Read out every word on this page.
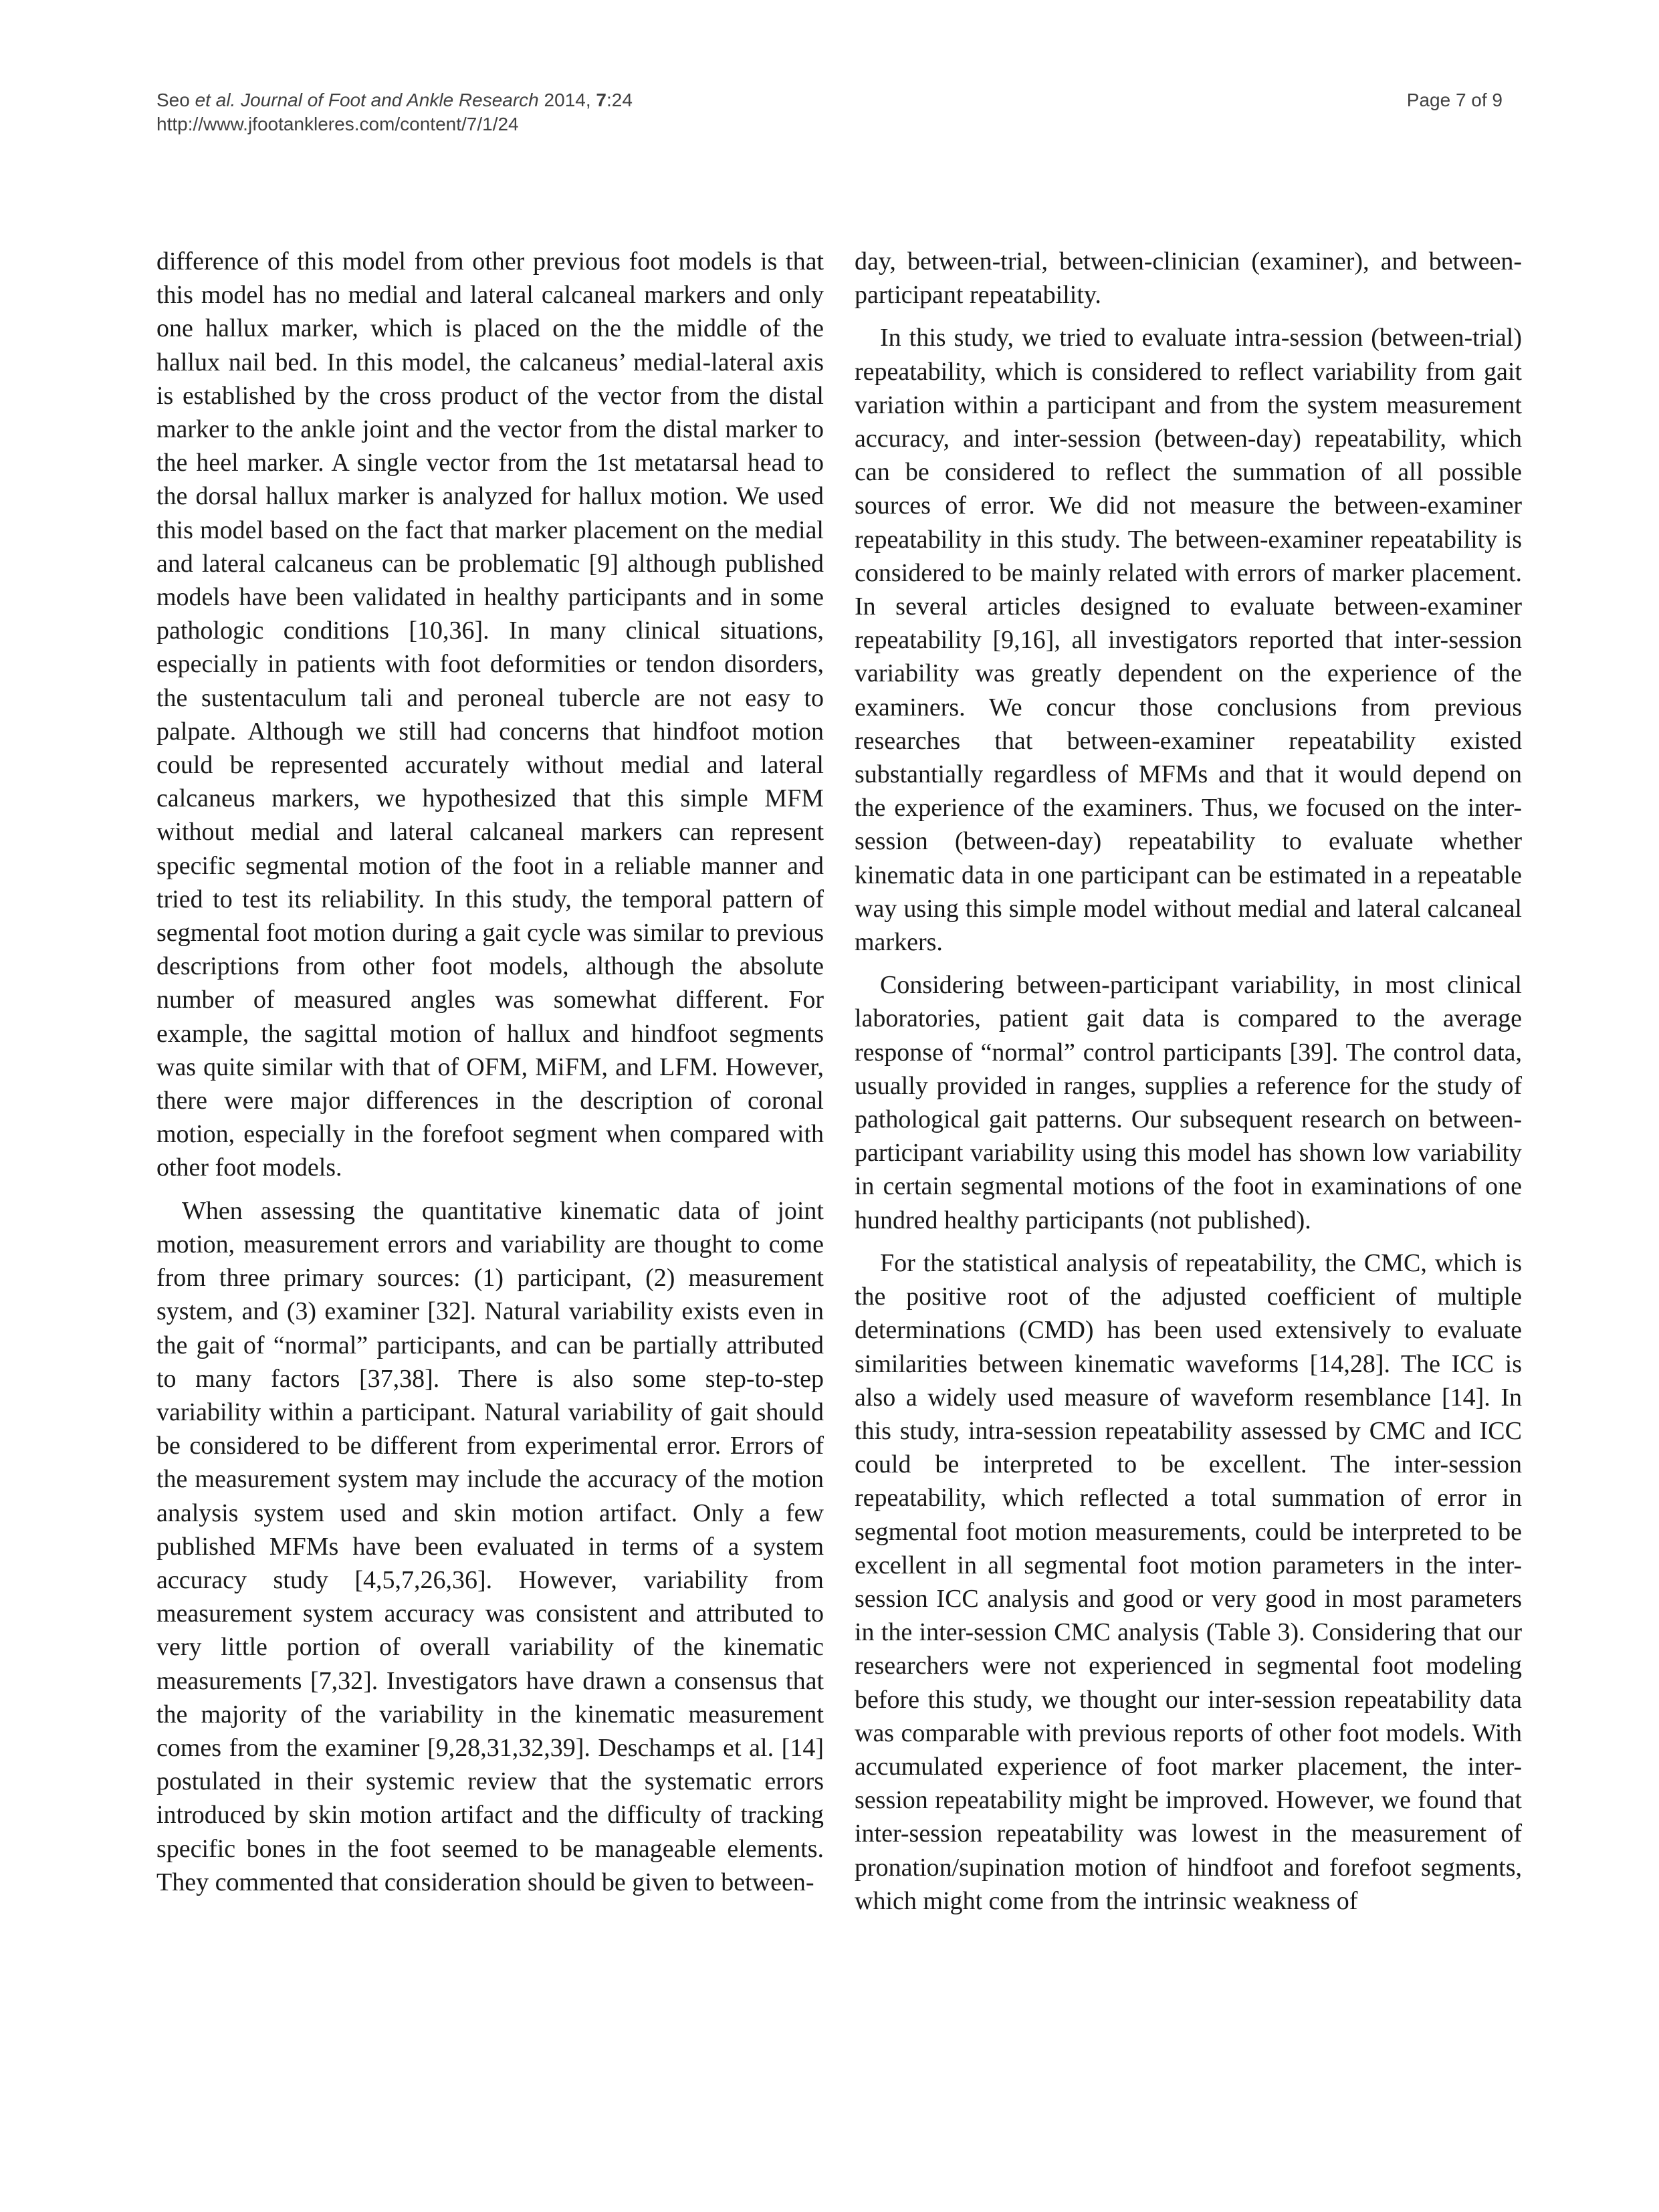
Seo et al. Journal of Foot and Ankle Research 2014, 7:24
http://www.jfootankleres.com/content/7/1/24
Page 7 of 9

difference of this model from other previous foot models is that this model has no medial and lateral calcaneal markers and only one hallux marker, which is placed on the the middle of the hallux nail bed. In this model, the calcaneus’ medial-lateral axis is established by the cross product of the vector from the distal marker to the ankle joint and the vector from the distal marker to the heel marker. A single vector from the 1st metatarsal head to the dorsal hallux marker is analyzed for hallux motion. We used this model based on the fact that marker placement on the medial and lateral calcaneus can be problematic [9] although published models have been validated in healthy participants and in some pathologic conditions [10,36]. In many clinical situations, especially in patients with foot deformities or tendon disorders, the sustentaculum tali and peroneal tubercle are not easy to palpate. Although we still had concerns that hindfoot motion could be represented accurately without medial and lateral calcaneus markers, we hypothesized that this simple MFM without medial and lateral calcaneal markers can represent specific segmental motion of the foot in a reliable manner and tried to test its reliability. In this study, the temporal pattern of segmental foot motion during a gait cycle was similar to previous descriptions from other foot models, although the absolute number of measured angles was somewhat different. For example, the sagittal motion of hallux and hindfoot segments was quite similar with that of OFM, MiFM, and LFM. However, there were major differences in the description of coronal motion, especially in the forefoot segment when compared with other foot models.

When assessing the quantitative kinematic data of joint motion, measurement errors and variability are thought to come from three primary sources: (1) participant, (2) measurement system, and (3) examiner [32]. Natural variability exists even in the gait of “normal” participants, and can be partially attributed to many factors [37,38]. There is also some step-to-step variability within a participant. Natural variability of gait should be considered to be different from experimental error. Errors of the measurement system may include the accuracy of the motion analysis system used and skin motion artifact. Only a few published MFMs have been evaluated in terms of a system accuracy study [4,5,7,26,36]. However, variability from measurement system accuracy was consistent and attributed to very little portion of overall variability of the kinematic measurements [7,32]. Investigators have drawn a consensus that the majority of the variability in the kinematic measurement comes from the examiner [9,28,31,32,39]. Deschamps et al. [14] postulated in their systemic review that the systematic errors introduced by skin motion artifact and the difficulty of tracking specific bones in the foot seemed to be manageable elements. They commented that consideration should be given to between-

day, between-trial, between-clinician (examiner), and between-participant repeatability.

In this study, we tried to evaluate intra-session (between-trial) repeatability, which is considered to reflect variability from gait variation within a participant and from the system measurement accuracy, and inter-session (between-day) repeatability, which can be considered to reflect the summation of all possible sources of error. We did not measure the between-examiner repeatability in this study. The between-examiner repeatability is considered to be mainly related with errors of marker placement. In several articles designed to evaluate between-examiner repeatability [9,16], all investigators reported that inter-session variability was greatly dependent on the experience of the examiners. We concur those conclusions from previous researches that between-examiner repeatability existed substantially regardless of MFMs and that it would depend on the experience of the examiners. Thus, we focused on the inter-session (between-day) repeatability to evaluate whether kinematic data in one participant can be estimated in a repeatable way using this simple model without medial and lateral calcaneal markers.

Considering between-participant variability, in most clinical laboratories, patient gait data is compared to the average response of “normal” control participants [39]. The control data, usually provided in ranges, supplies a reference for the study of pathological gait patterns. Our subsequent research on between-participant variability using this model has shown low variability in certain segmental motions of the foot in examinations of one hundred healthy participants (not published).

For the statistical analysis of repeatability, the CMC, which is the positive root of the adjusted coefficient of multiple determinations (CMD) has been used extensively to evaluate similarities between kinematic waveforms [14,28]. The ICC is also a widely used measure of waveform resemblance [14]. In this study, intra-session repeatability assessed by CMC and ICC could be interpreted to be excellent. The inter-session repeatability, which reflected a total summation of error in segmental foot motion measurements, could be interpreted to be excellent in all segmental foot motion parameters in the inter-session ICC analysis and good or very good in most parameters in the inter-session CMC analysis (Table 3). Considering that our researchers were not experienced in segmental foot modeling before this study, we thought our inter-session repeatability data was comparable with previous reports of other foot models. With accumulated experience of foot marker placement, the inter-session repeatability might be improved. However, we found that inter-session repeatability was lowest in the measurement of pronation/supination motion of hindfoot and forefoot segments, which might come from the intrinsic weakness of
